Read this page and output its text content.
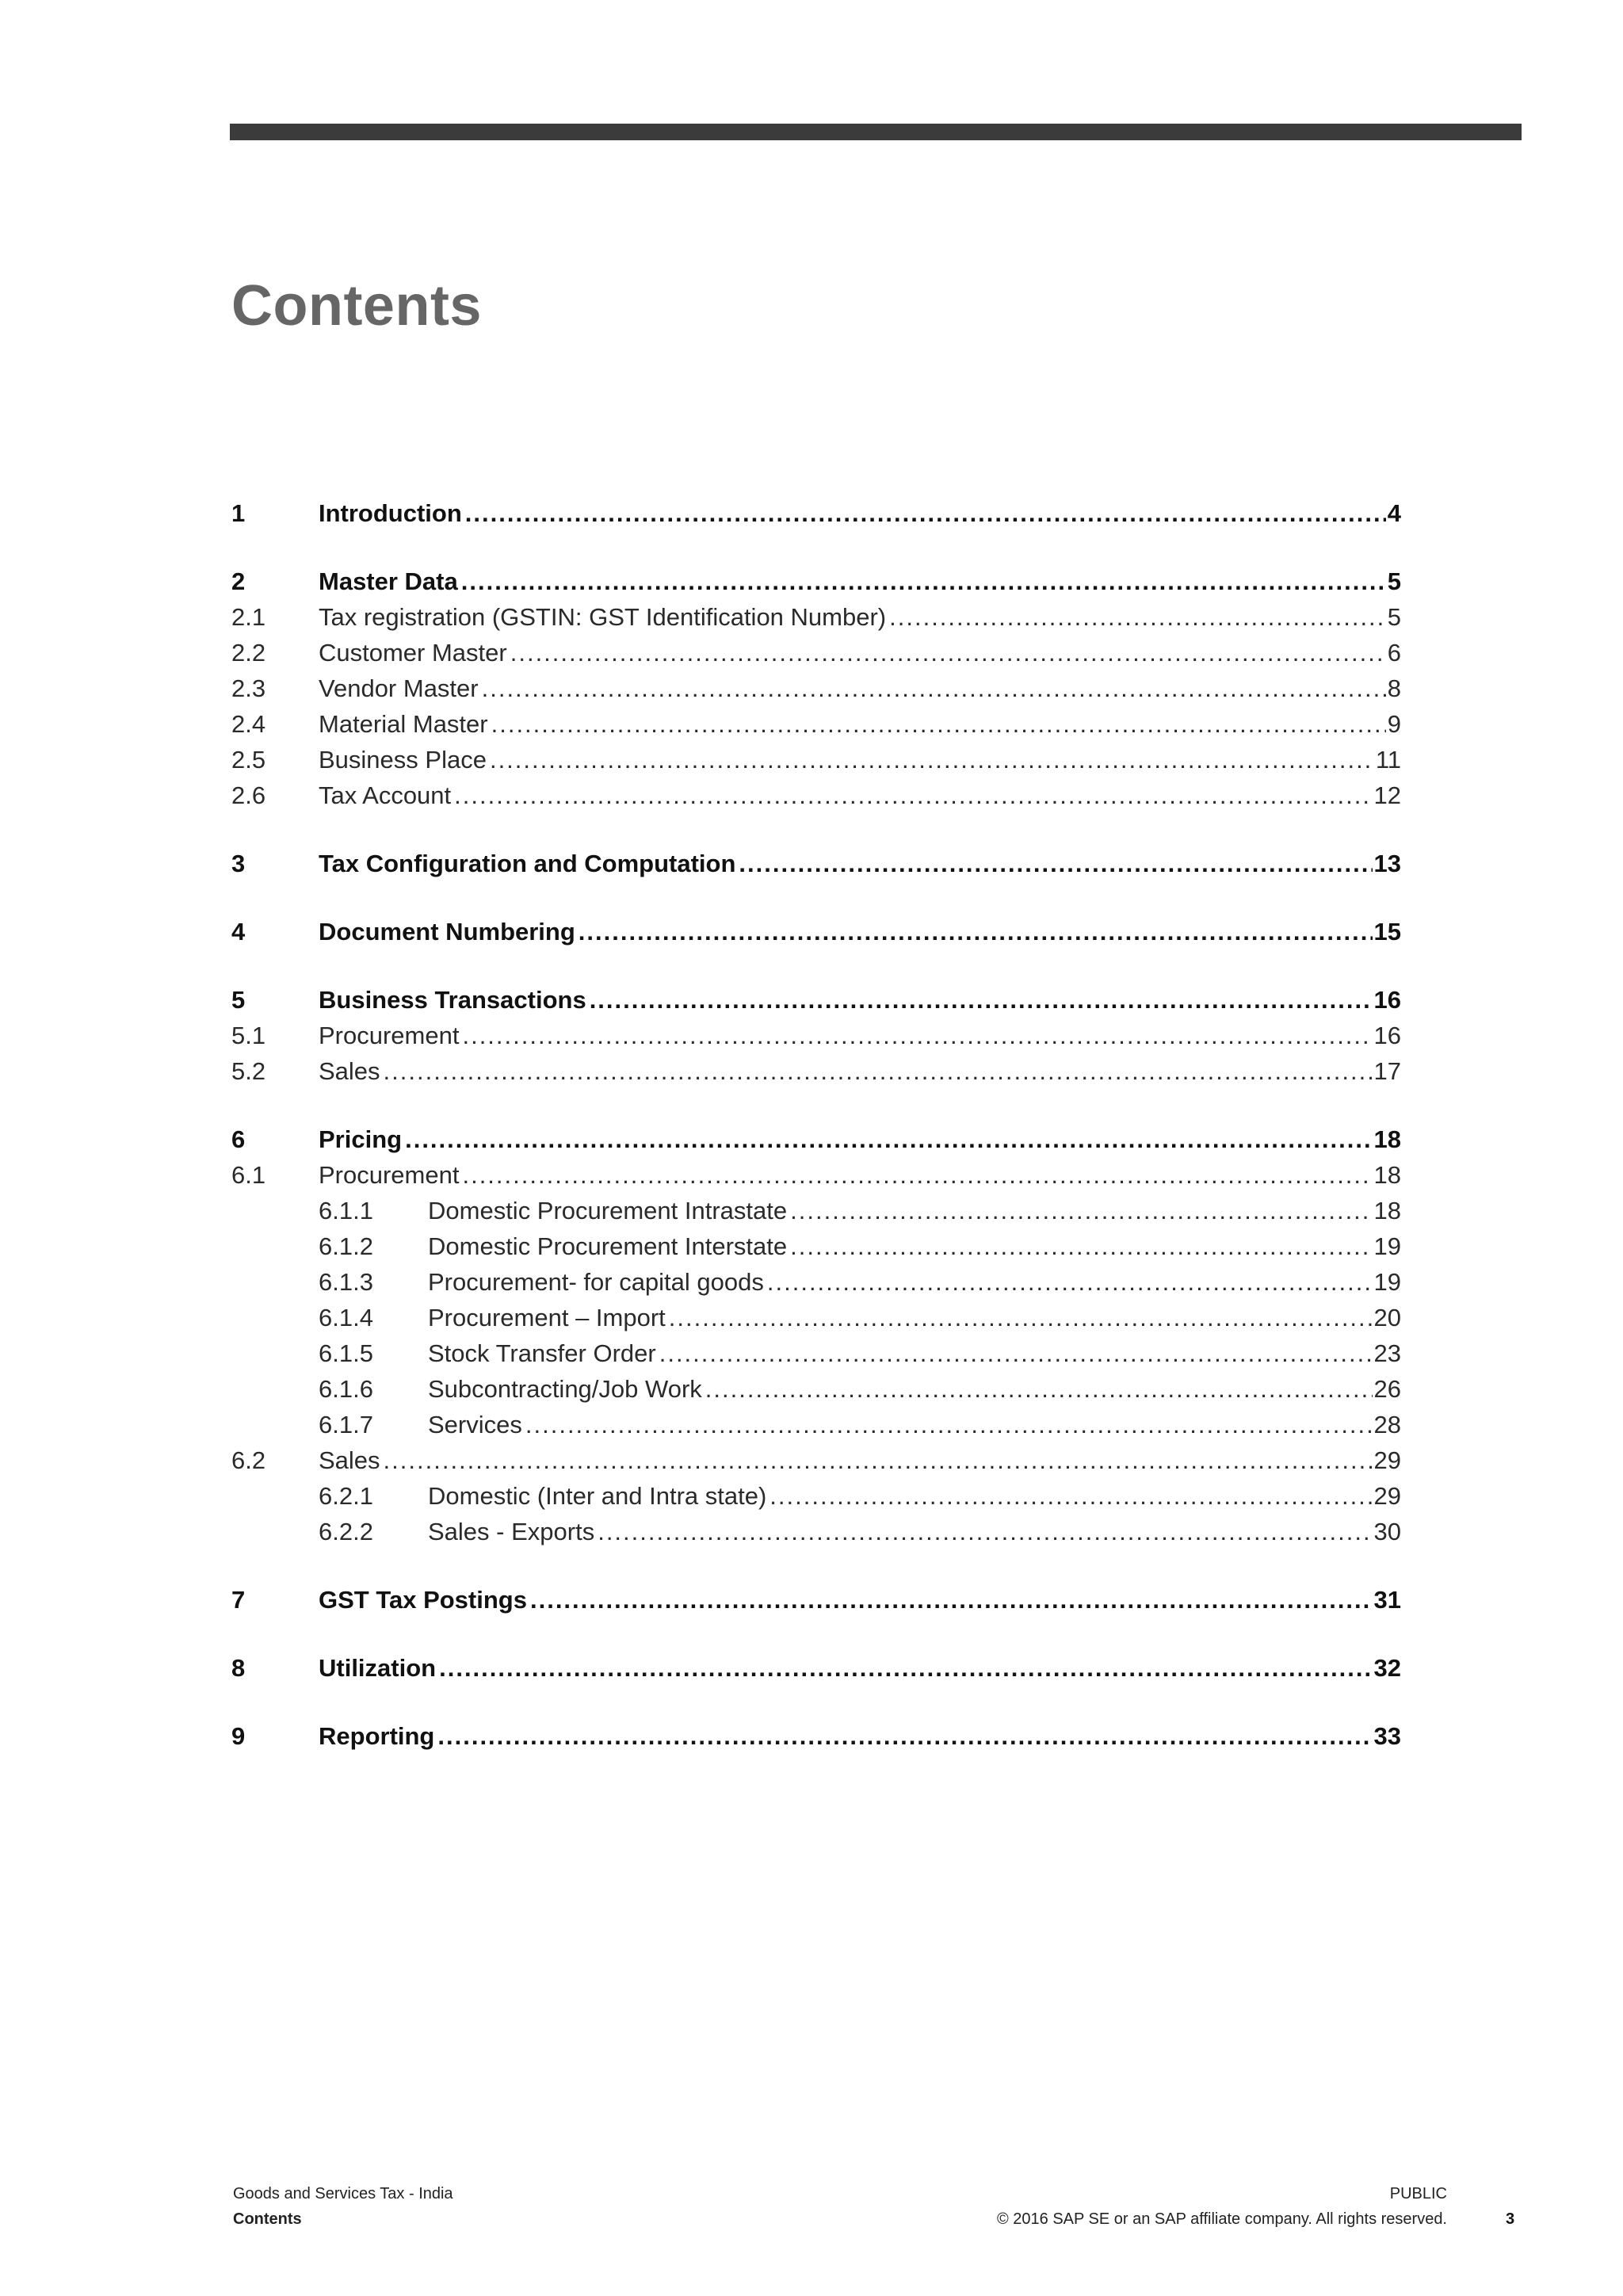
Contents
1	Introduction .....	4
2	Master Data .....	5
2.1 Tax registration (GSTIN: GST Identification Number) .....	5
2.2 Customer Master .....	6
2.3 Vendor Master .....	8
2.4 Material Master .....	9
2.5 Business Place .....	11
2.6 Tax Account .....	12
3	Tax Configuration and Computation .....	13
4	Document Numbering .....	15
5	Business Transactions .....	16
5.1 Procurement .....	16
5.2 Sales .....	17
6	Pricing .....	18
6.1 Procurement .....	18
6.1.1 Domestic Procurement Intrastate .....	18
6.1.2 Domestic Procurement Interstate .....	19
6.1.3 Procurement- for capital goods .....	19
6.1.4 Procurement – Import .....	20
6.1.5 Stock Transfer Order .....	23
6.1.6 Subcontracting/Job Work .....	26
6.1.7 Services .....	28
6.2 Sales .....	29
6.2.1 Domestic (Inter and Intra state) .....	29
6.2.2 Sales - Exports .....	30
7	GST Tax Postings .....	31
8	Utilization .....	32
9	Reporting .....	33
Goods and Services Tax - India
Contents
PUBLIC
© 2016 SAP SE or an SAP affiliate company. All rights reserved.	3
